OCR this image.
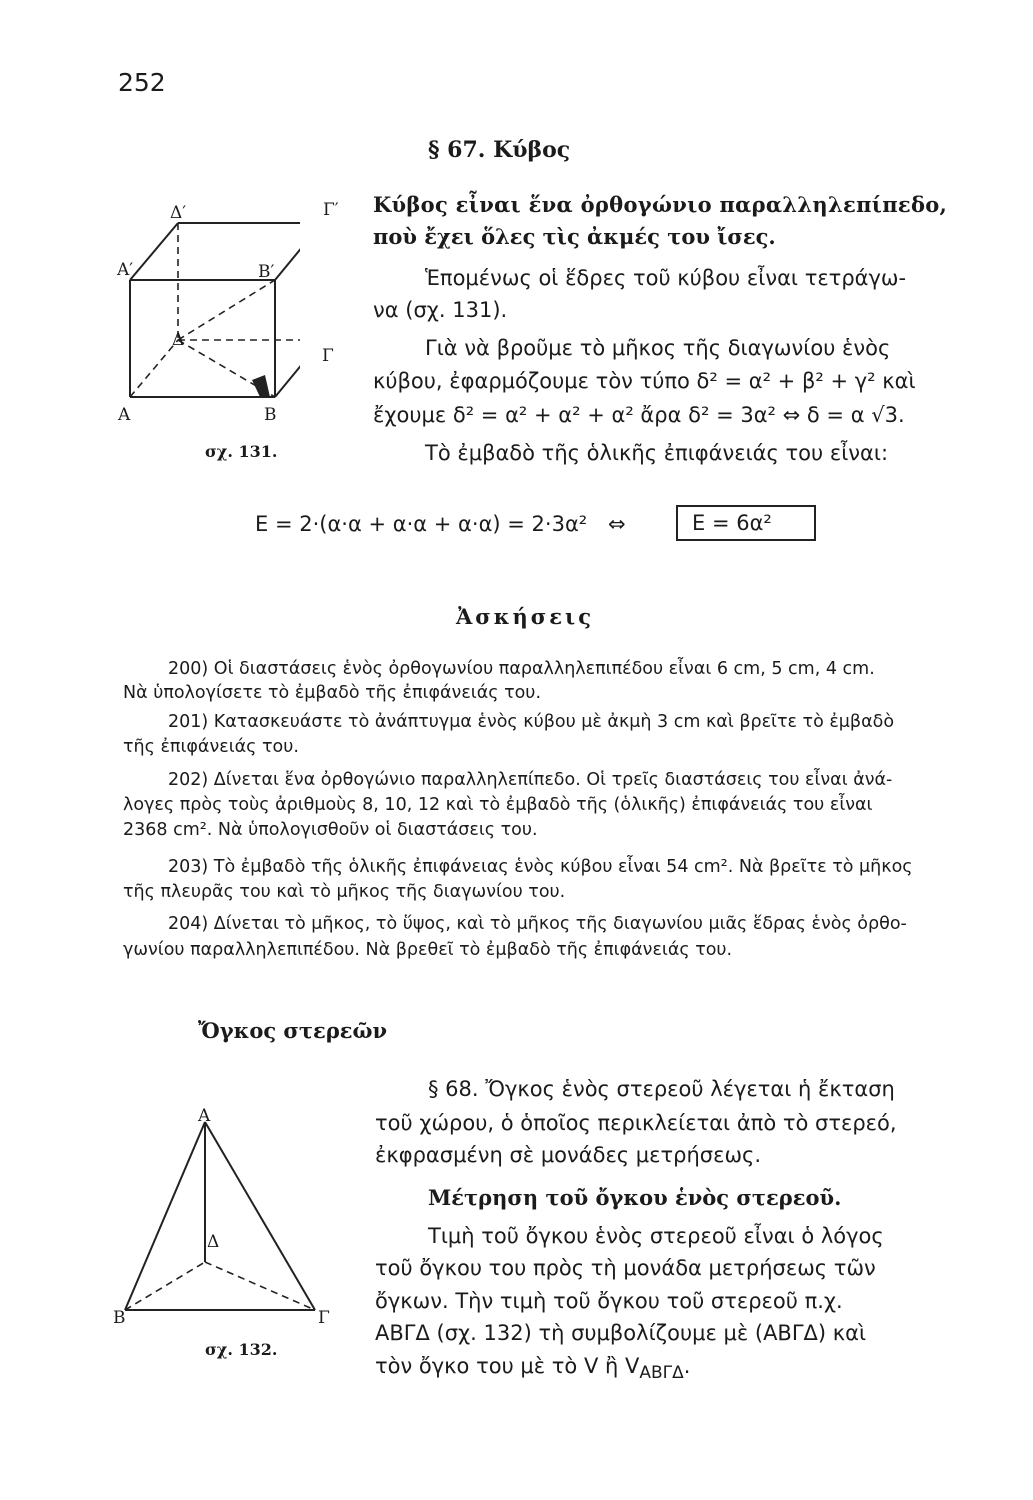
252
§ 67. Κύβος
Κύβος εἶναι ἕνα ὀρθογώνιο παραλληλεπίπεδο,
ποὺ ἔχει ὅλες τὶς ἀκμές του ἴσες.
Ἑπομένως οἱ ἕδρες τοῦ κύβου εἶναι τετράγω-
να (σχ. 131).
Γιὰ νὰ βροῦμε τὸ μῆκος τῆς διαγωνίου ἑνὸς
κύβου, ἐφαρμόζουμε τὸν τύπο δ² = α² + β² + γ² καὶ
ἔχουμε δ² = α² + α² + α² ἄρα δ² = 3α² ⇔ δ = α √3.
Τὸ ἐμβαδὸ τῆς ὁλικῆς ἐπιφάνειάς του εἶναι:
Ε = 2·(α·α + α·α + α·α) = 2·3α² ⇔	Ε = 6α²
Δ′	Γ′
Α′	Β′
Δ
Γ
Α	Β
σχ. 131.
Ἀσκήσεις
200) Οἱ διαστάσεις ἑνὸς ὀρθογωνίου παραλληλεπιπέδου εἶναι 6 cm, 5 cm, 4 cm.
Νὰ ὑπολογίσετε τὸ ἐμβαδὸ τῆς ἐπιφάνειάς του.
201) Κατασκευάστε τὸ ἀνάπτυγμα ἑνὸς κύβου μὲ ἀκμὴ 3 cm καὶ βρεῖτε τὸ ἐμβαδὸ
τῆς ἐπιφάνειάς του.
202) Δίνεται ἕνα ὀρθογώνιο παραλληλεπίπεδο. Οἱ τρεῖς διαστάσεις του εἶναι ἀνά-
λογες πρὸς τοὺς ἀριθμοὺς 8, 10, 12 καὶ τὸ ἐμβαδὸ τῆς (ὁλικῆς) ἐπιφάνειάς του εἶναι
2368 cm². Νὰ ὑπολογισθοῦν οἱ διαστάσεις του.
203) Τὸ ἐμβαδὸ τῆς ὁλικῆς ἐπιφάνειας ἑνὸς κύβου εἶναι 54 cm². Νὰ βρεῖτε τὸ μῆκος
τῆς πλευρᾶς του καὶ τὸ μῆκος τῆς διαγωνίου του.
204) Δίνεται τὸ μῆκος, τὸ ὕψος, καὶ τὸ μῆκος τῆς διαγωνίου μιᾶς ἕδρας ἑνὸς ὀρθο-
γωνίου παραλληλεπιπέδου. Νὰ βρεθεῖ τὸ ἐμβαδὸ τῆς ἐπιφάνειάς του.
Ὄγκος στερεῶν
§ 68. Ὄγκος ἑνὸς στερεοῦ λέγεται ἡ ἔκταση
τοῦ χώρου, ὁ ὁποῖος περικλείεται ἀπὸ τὸ στερεό,
ἐκφρασμένη σὲ μονάδες μετρήσεως.
Μέτρηση τοῦ ὄγκου ἑνὸς στερεοῦ.
Τιμὴ τοῦ ὄγκου ἑνὸς στερεοῦ εἶναι ὁ λόγος
τοῦ ὄγκου του πρὸς τὴ μονάδα μετρήσεως τῶν
ὄγκων. Τὴν τιμὴ τοῦ ὄγκου τοῦ στερεοῦ π.χ.
ΑΒΓΔ (σχ. 132) τὴ συμβολίζουμε μὲ (ΑΒΓΔ) καὶ
τὸν ὄγκο του μὲ τὸ V ἢ $V_{AB\Gamma\Delta}$.
Α
Δ
Β	Γ
σχ. 132.
